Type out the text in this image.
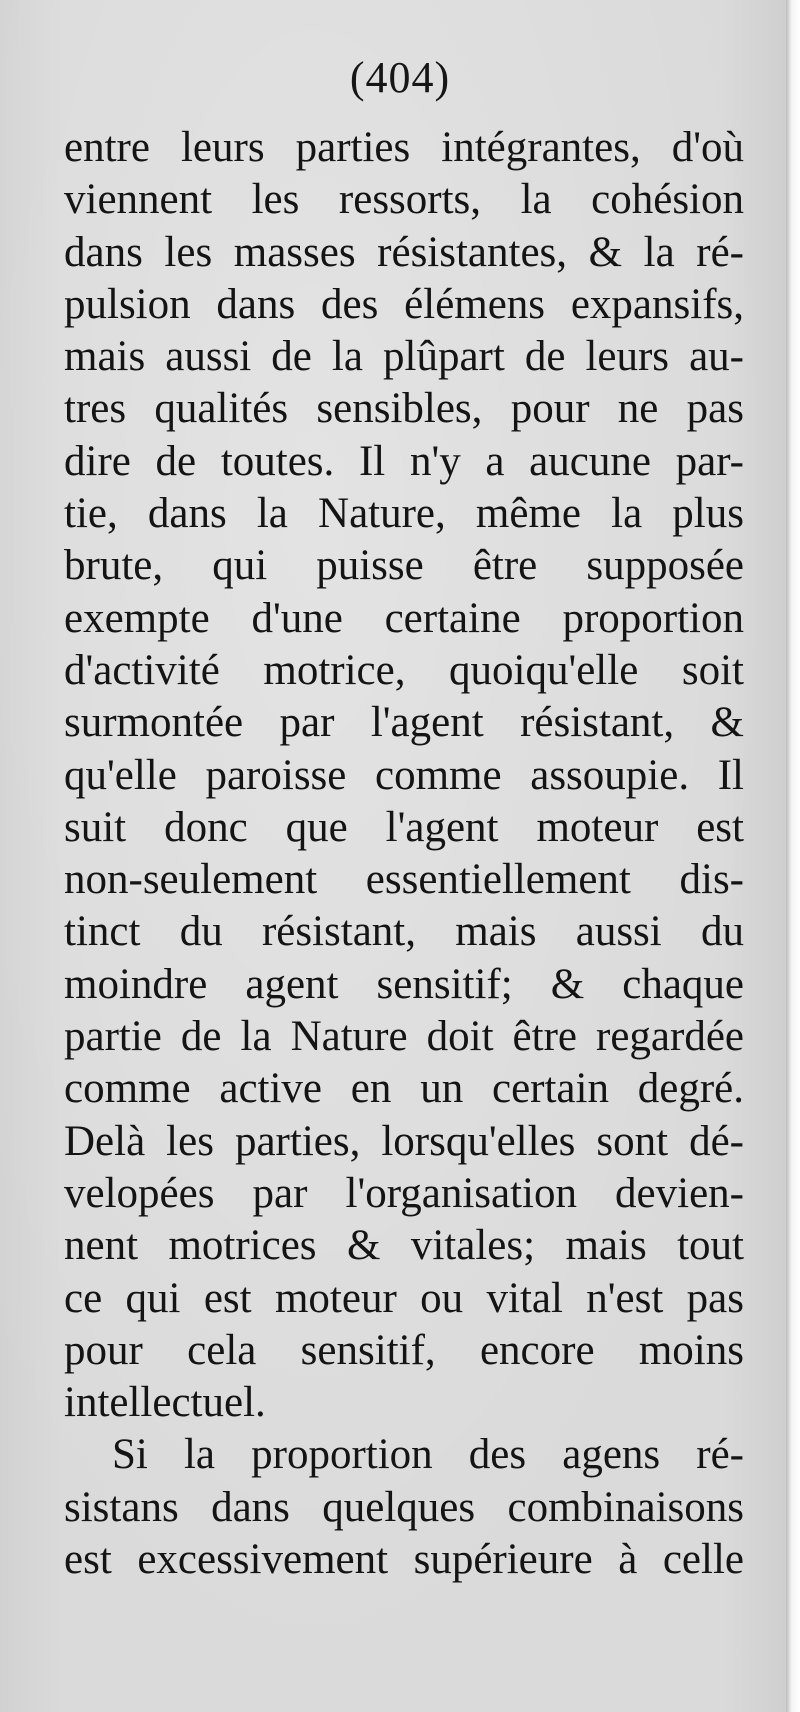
(404)
entre leurs parties intégrantes, d'où
viennent les ressorts, la cohésion
dans les masses résistantes, & la ré-
pulsion dans des élémens expansifs,
mais aussi de la plûpart de leurs au-
tres qualités sensibles, pour ne pas
dire de toutes. Il n'y a aucune par-
tie, dans la Nature, même la plus
brute, qui puisse être supposée
exempte d'une certaine proportion
d'activité motrice, quoiqu'elle soit
surmontée par l'agent résistant, &
qu'elle paroisse comme assoupie. Il
suit donc que l'agent moteur est
non-seulement essentiellement dis-
tinct du résistant, mais aussi du
moindre agent sensitif; & chaque
partie de la Nature doit être regardée
comme active en un certain degré.
Delà les parties, lorsqu'elles sont dé-
velopées par l'organisation devien-
nent motrices & vitales; mais tout
ce qui est moteur ou vital n'est pas
pour cela sensitif, encore moins
intellectuel.
Si la proportion des agens ré-
sistans dans quelques combinaisons
est excessivement supérieure à celle
